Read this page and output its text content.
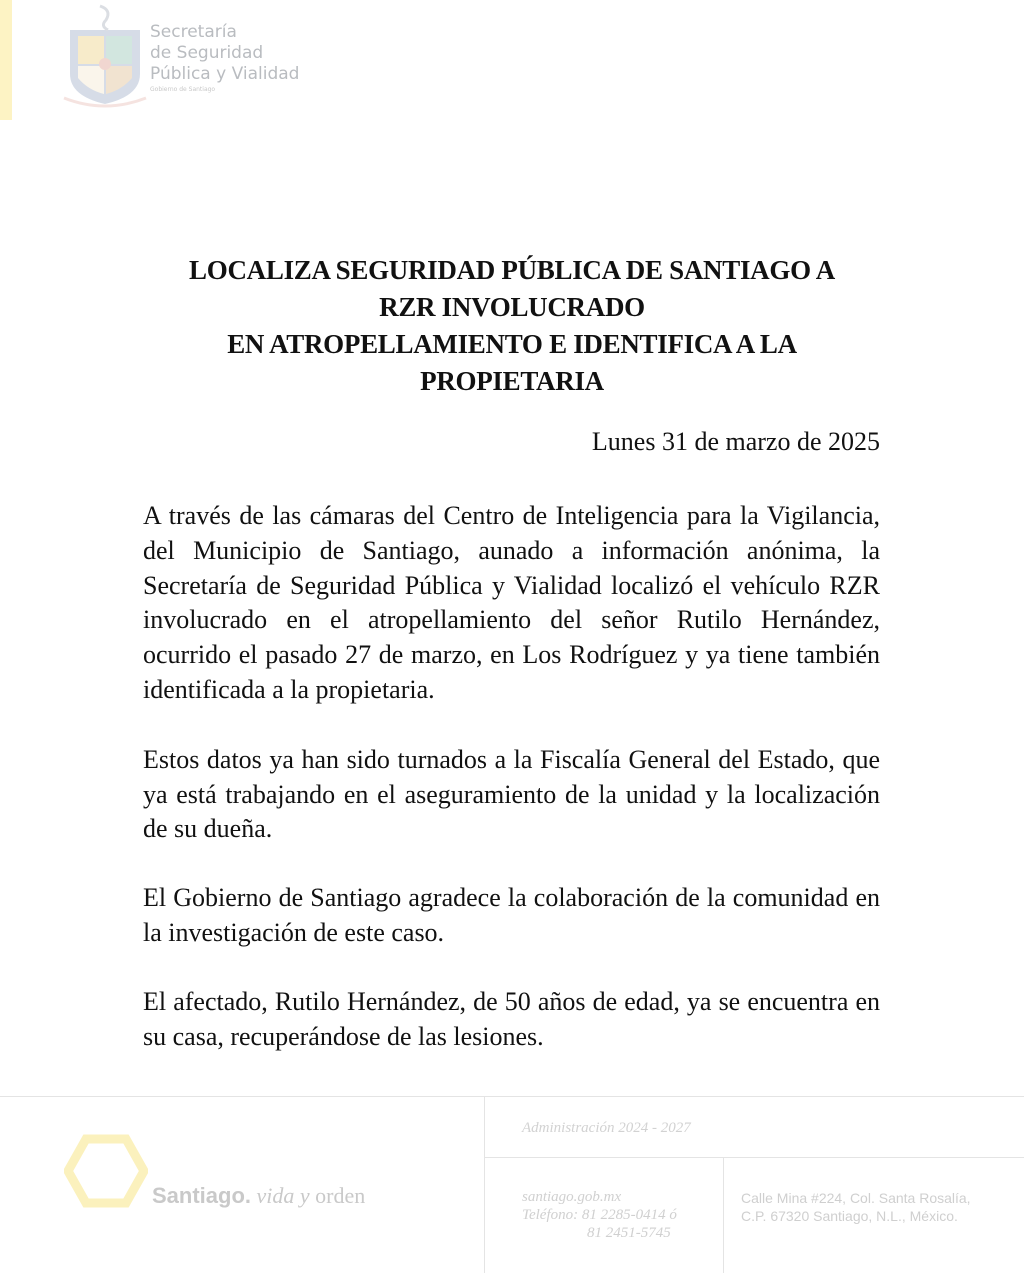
Secretaría
de Seguridad
Pública y Vialidad
Gobierno de Santiago
LOCALIZA SEGURIDAD PÚBLICA DE SANTIAGO A
RZR INVOLUCRADO
EN ATROPELLAMIENTO E IDENTIFICA A LA
PROPIETARIA
Lunes 31 de marzo de 2025

A través de las cámaras del Centro de Inteligencia para la Vigilancia, del Municipio de Santiago, aunado a información anónima, la Secretaría de Seguridad Pública y Vialidad localizó el vehículo RZR involucrado en el atropellamiento del señor Rutilo Hernández, ocurrido el pasado 27 de marzo, en Los Rodríguez y ya tiene también identificada a la propietaria.

Estos datos ya han sido turnados a la Fiscalía General del Estado, que ya está trabajando en el aseguramiento de la unidad y la localización de su dueña.

El Gobierno de Santiago agradece la colaboración de la comunidad en la investigación de este caso.

El afectado, Rutilo Hernández, de 50 años de edad, ya se encuentra en su casa, recuperándose de las lesiones.

Santiago. vida y orden
Administración 2024 - 2027
santiago.gob.mx
Teléfono: 81 2285-0414 ó
81 2451-5745
Calle Mina #224, Col. Santa Rosalía,
C.P. 67320 Santiago, N.L., México.
